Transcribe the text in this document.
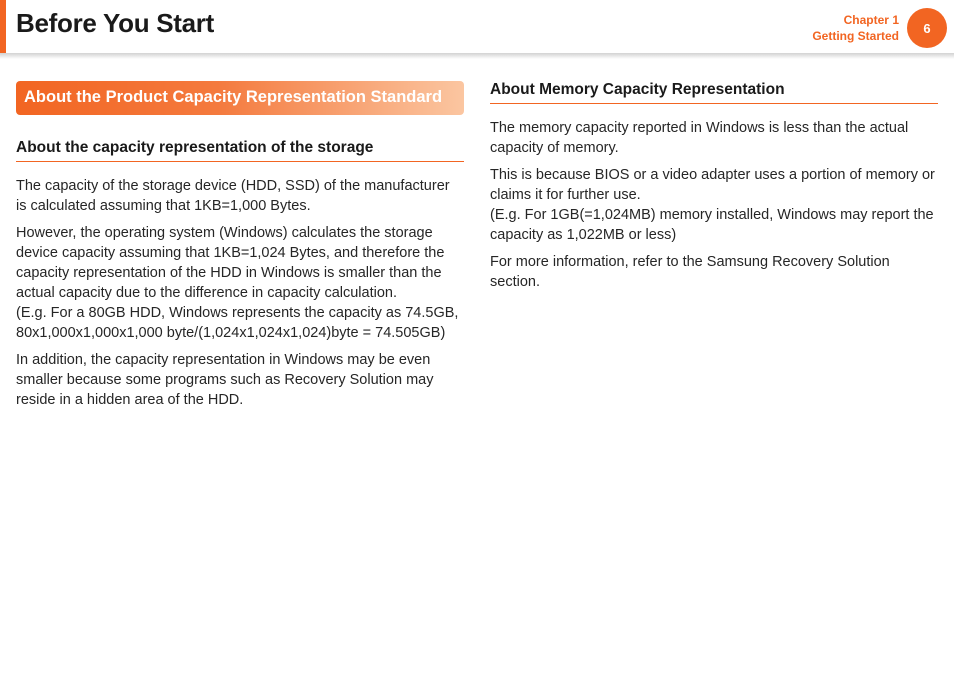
Before You Start	Chapter 1
Getting Started
6
About the Product Capacity Representation Standard
About the capacity representation of the storage

The capacity of the storage device (HDD, SSD) of the manufacturer is calculated assuming that 1KB=1,000 Bytes.

However, the operating system (Windows) calculates the storage device capacity assuming that 1KB=1,024 Bytes, and therefore the capacity representation of the HDD in Windows is smaller than the actual capacity due to the difference in capacity calculation.
(E.g. For a 80GB HDD, Windows represents the capacity as 74.5GB, 80x1,000x1,000x1,000 byte/(1,024x1,024x1,024)byte = 74.505GB)

In addition, the capacity representation in Windows may be even smaller because some programs such as Recovery Solution may reside in a hidden area of the HDD.

About Memory Capacity Representation

The memory capacity reported in Windows is less than the actual capacity of memory.

This is because BIOS or a video adapter uses a portion of memory or claims it for further use.
(E.g. For 1GB(=1,024MB) memory installed, Windows may report the capacity as 1,022MB or less)

For more information, refer to the Samsung Recovery Solution section.
